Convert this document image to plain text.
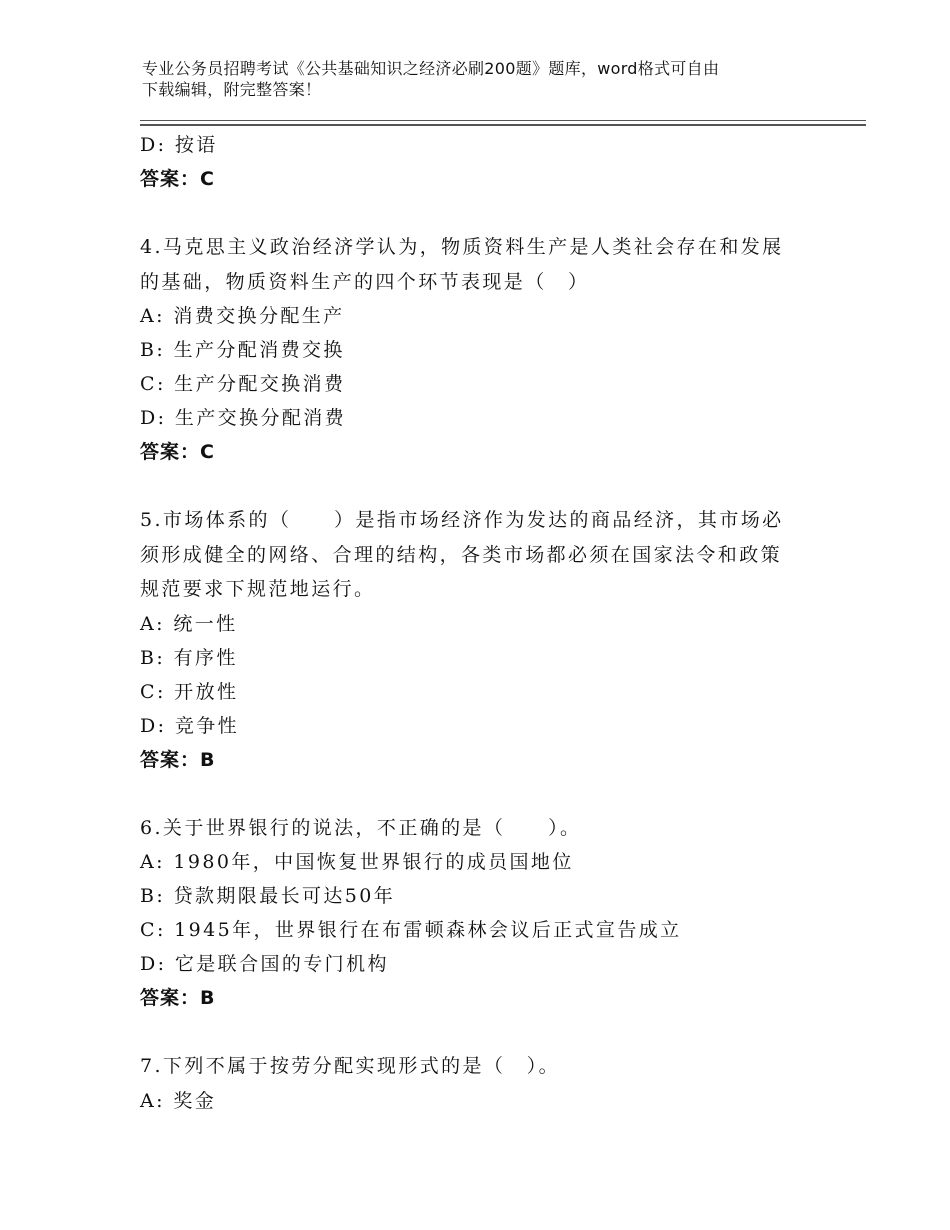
专业公务员招聘考试《公共基础知识之经济必刷200题》题库，word格式可自由
下载编辑，附完整答案！
D: 按语
答案：C
4.马克思主义政治经济学认为，物质资料生产是人类社会存在和发展
的基础，物质资料生产的四个环节表现是（　）
A: 消费交换分配生产
B: 生产分配消费交换
C: 生产分配交换消费
D: 生产交换分配消费
答案：C
5.市场体系的（　　）是指市场经济作为发达的商品经济，其市场必
须形成健全的网络、合理的结构，各类市场都必须在国家法令和政策
规范要求下规范地运行。
A: 统一性
B: 有序性
C: 开放性
D: 竞争性
答案：B
6.关于世界银行的说法，不正确的是（　　）。
A: 1980年，中国恢复世界银行的成员国地位
B: 贷款期限最长可达50年
C: 1945年，世界银行在布雷顿森林会议后正式宣告成立
D: 它是联合国的专门机构
答案：B
7.下列不属于按劳分配实现形式的是（　）。
A: 奖金
